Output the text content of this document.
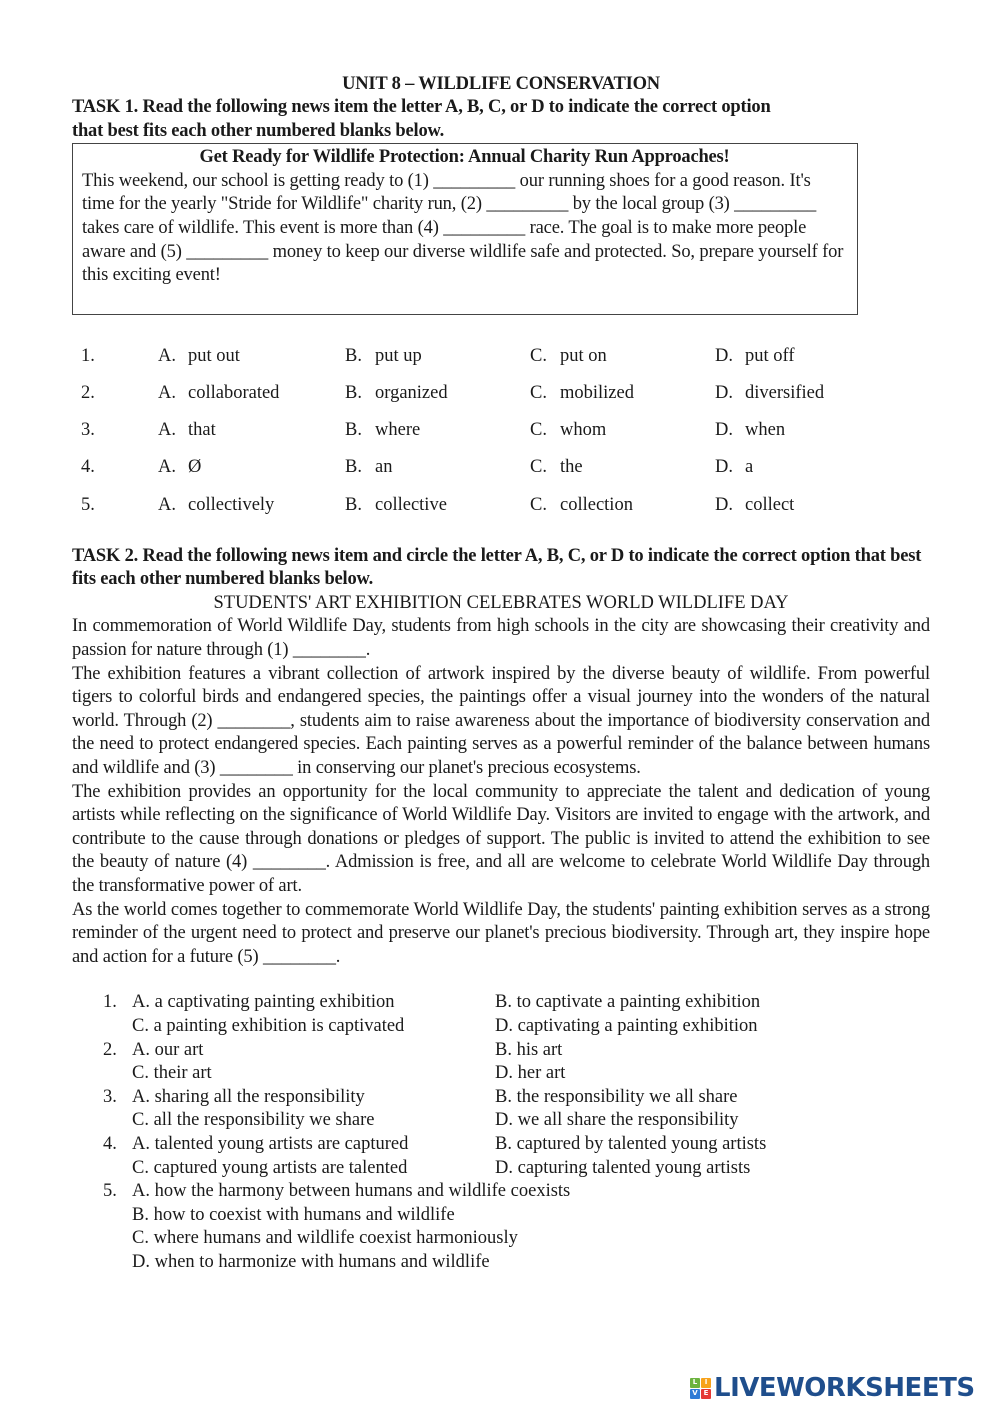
UNIT 8 – WILDLIFE CONSERVATION
TASK 1. Read the following news item the letter A, B, C, or D to indicate the correct option
that best fits each other numbered blanks below.
Get Ready for Wildlife Protection: Annual Charity Run Approaches!
This weekend, our school is getting ready to (1) _________ our running shoes for a good reason. It's time for the yearly "Stride for Wildlife" charity run, (2) _________ by the local group (3) _________ takes care of wildlife. This event is more than (4) _________ race. The goal is to make more people aware and (5) _________ money to keep our diverse wildlife safe and protected. So, prepare yourself for this exciting event!
1.	A. put out	B. put up	C. put on	D. put off
2.	A. collaborated	B. organized	C. mobilized	D. diversified
3.	A. that	B. where	C. whom	D. when
4.	A. Ø	B. an	C. the	D. a
5.	A. collectively	B. collective	C. collection	D. collect
TASK 2. Read the following news item and circle the letter A, B, C, or D to indicate the correct option that best fits each other numbered blanks below.
STUDENTS' ART EXHIBITION CELEBRATES WORLD WILDLIFE DAY

In commemoration of World Wildlife Day, students from high schools in the city are showcasing their creativity and passion for nature through (1) ________.

The exhibition features a vibrant collection of artwork inspired by the diverse beauty of wildlife. From powerful tigers to colorful birds and endangered species, the paintings offer a visual journey into the wonders of the natural world. Through (2) ________, students aim to raise awareness about the importance of biodiversity conservation and the need to protect endangered species. Each painting serves as a powerful reminder of the balance between humans and wildlife and (3) ________ in conserving our planet's precious ecosystems.

The exhibition provides an opportunity for the local community to appreciate the talent and dedication of young artists while reflecting on the significance of World Wildlife Day. Visitors are invited to engage with the artwork, and contribute to the cause through donations or pledges of support. The public is invited to attend the exhibition to see the beauty of nature (4) ________. Admission is free, and all are welcome to celebrate World Wildlife Day through the transformative power of art.

As the world comes together to commemorate World Wildlife Day, the students' painting exhibition serves as a strong reminder of the urgent need to protect and preserve our planet's precious biodiversity. Through art, they inspire hope and action for a future (5) ________.

1. A. a captivating painting exhibition	B. to captivate a painting exhibition
C. a painting exhibition is captivated	D. captivating a painting exhibition
2. A. our art	B. his art
C. their art	D. her art
3. A. sharing all the responsibility	B. the responsibility we all share
C. all the responsibility we share	D. we all share the responsibility
4. A. talented young artists are captured	B. captured by talented young artists
C. captured young artists are talented	D. capturing talented young artists
5. A. how the harmony between humans and wildlife coexists
B. how to coexist with humans and wildlife
C. where humans and wildlife coexist harmoniously
D. when to harmonize with humans and wildlife
L	I
V E LIVEWORKSHEETS
